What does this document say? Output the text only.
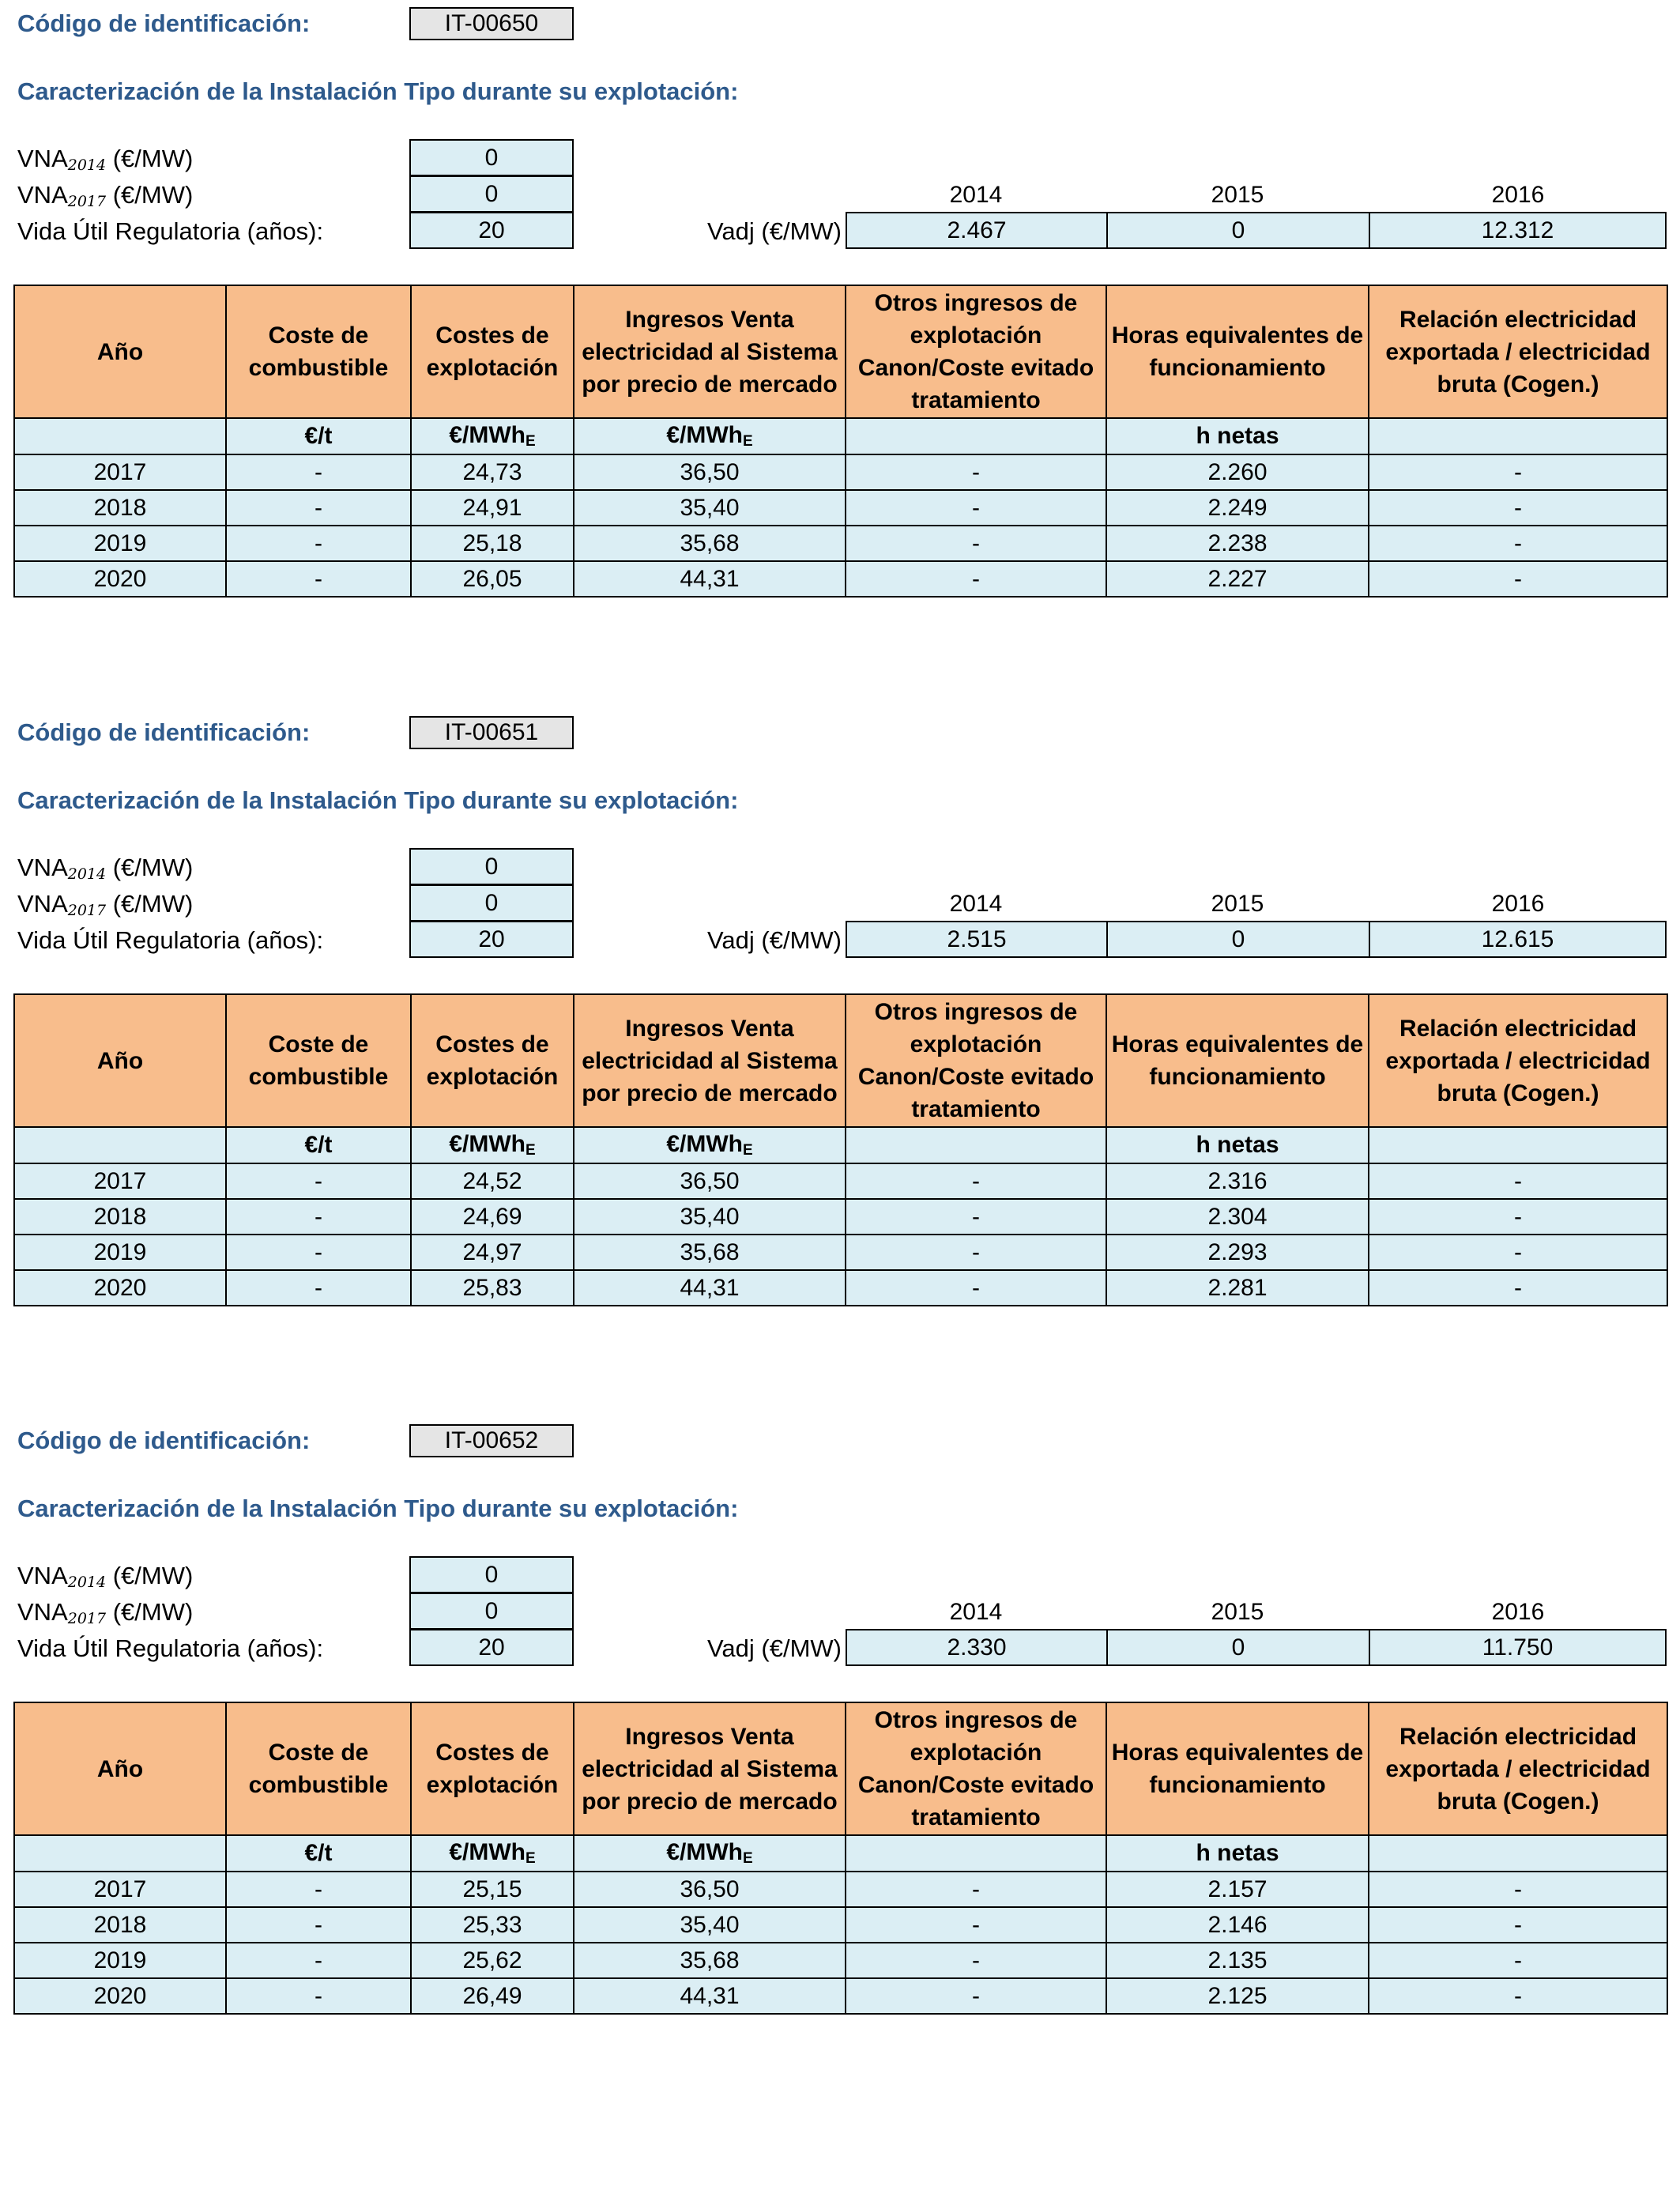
Código de identificación:	IT-00650
Caracterización de la Instalación Tipo durante su explotación:
$VNA_{2014}$ (€/MW)	0
$VNA_{2017}$ (€/MW)	0
Vida Útil Regulatoria (años):	20
2014	2015	2016
Vadj (€/MW)	2.467	0	12.312
Año	Coste de combustible	Costes de explotación	Ingresos Venta electricidad al Sistema por precio de mercado	Otros ingresos de explotación Canon/Coste evitado tratamiento	Horas equivalentes de funcionamiento	Relación electricidad exportada / electricidad bruta (Cogen.)
	€/t	€/MWh$_E$	€/MWh$_E$		h netas	
2017	-	24,73	36,50	-	2.260	-
2018	-	24,91	35,40	-	2.249	-
2019	-	25,18	35,68	-	2.238	-
2020	-	26,05	44,31	-	2.227	-
Código de identificación:	IT-00651
Caracterización de la Instalación Tipo durante su explotación:
$VNA_{2014}$ (€/MW)	0
$VNA_{2017}$ (€/MW)	0
Vida Útil Regulatoria (años):	20
2014	2015	2016
Vadj (€/MW)	2.515	0	12.615
Año	Coste de combustible	Costes de explotación	Ingresos Venta electricidad al Sistema por precio de mercado	Otros ingresos de explotación Canon/Coste evitado tratamiento	Horas equivalentes de funcionamiento	Relación electricidad exportada / electricidad bruta (Cogen.)
	€/t	€/MWh$_E$	€/MWh$_E$		h netas	
2017	-	24,52	36,50	-	2.316	-
2018	-	24,69	35,40	-	2.304	-
2019	-	24,97	35,68	-	2.293	-
2020	-	25,83	44,31	-	2.281	-
Código de identificación:	IT-00652
Caracterización de la Instalación Tipo durante su explotación:
$VNA_{2014}$ (€/MW)	0
$VNA_{2017}$ (€/MW)	0
Vida Útil Regulatoria (años):	20
2014	2015	2016
Vadj (€/MW)	2.330	0	11.750
Año	Coste de combustible	Costes de explotación	Ingresos Venta electricidad al Sistema por precio de mercado	Otros ingresos de explotación Canon/Coste evitado tratamiento	Horas equivalentes de funcionamiento	Relación electricidad exportada / electricidad bruta (Cogen.)
	€/t	€/MWh$_E$	€/MWh$_E$		h netas	
2017	-	25,15	36,50	-	2.157	-
2018	-	25,33	35,40	-	2.146	-
2019	-	25,62	35,68	-	2.135	-
2020	-	26,49	44,31	-	2.125	-
